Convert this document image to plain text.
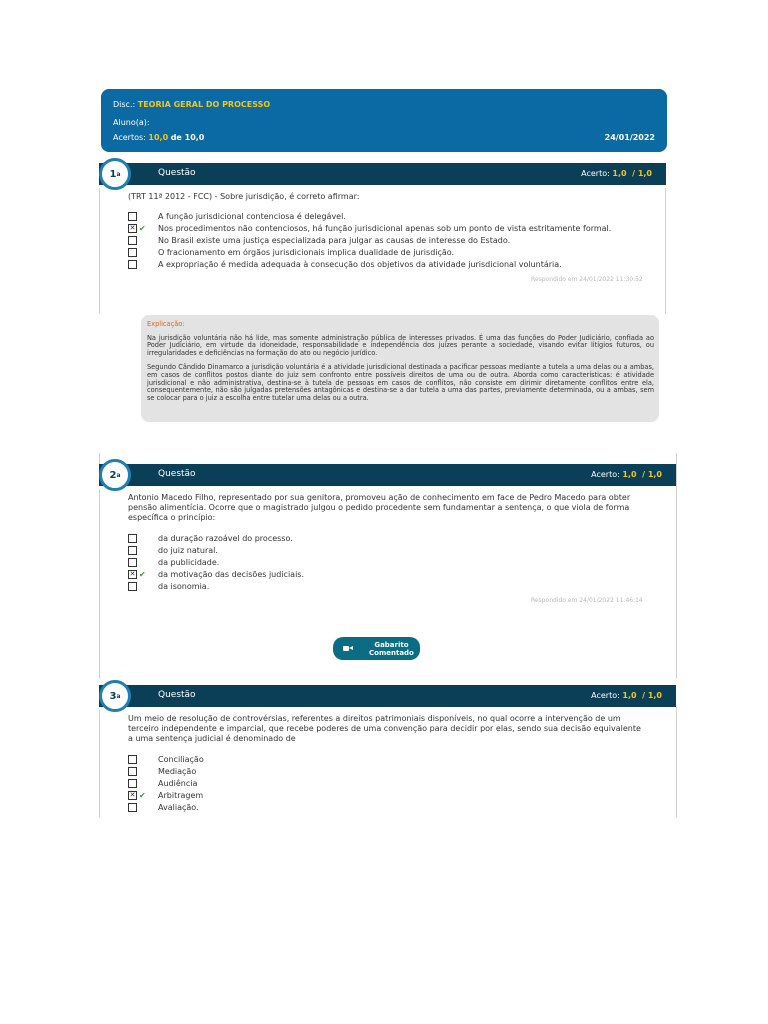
Disc.: TEORIA GERAL DO PROCESSO
Aluno(a):
Acertos: 10,0 de 10,0	24/01/2022
Questão	Acerto: 1,0  / 1,0
1 a
(TRT 11ª 2012 - FCC) - Sobre jurisdição, é correto afirmar:
A função jurisdicional contenciosa é delegável.
✕ ✔	Nos procedimentos não contenciosos, há função jurisdicional apenas sob um ponto de vista estritamente formal.
No Brasil existe uma justiça especializada para julgar as causas de interesse do Estado.
O fracionamento em órgãos jurisdicionais implica dualidade de jurisdição.
A expropriação é medida adequada à consecução dos objetivos da atividade jurisdicional voluntária.
Respondido em 24/01/2022 11:30:52
Explicação:

Na jurisdição voluntária não há lide, mas somente administração pública de interesses privados. É uma das funções do Poder Judiciário, confiada ao Poder Judiciário, em virtude da idoneidade, responsabilidade e independência dos juízes perante a sociedade, visando evitar litígios futuros, ou irregularidades e deficiências na formação do ato ou negócio jurídico.

Segundo Cândido Dinamarco a jurisdição voluntária é a atividade jurisdicional destinada a pacificar pessoas mediante a tutela a uma delas ou a ambas, em casos de conflitos postos diante do juiz sem confronto entre possíveis direitos de uma ou de outra. Aborda como características: é atividade jurisdicional e não administrativa, destina-se à tutela de pessoas em casos de conflitos, não consiste em dirimir diretamente conflitos entre ela, consequentemente, não são julgadas pretensões antagônicas e destina-se a dar tutela a uma das partes, previamente determinada, ou a ambas, sem se colocar para o juiz a escolha entre tutelar uma delas ou a outra.

Questão	Acerto: 1,0  / 1,0
2 a
Antonio Macedo Filho, representado por sua genitora, promoveu ação de conhecimento em face de Pedro Macedo para obter pensão alimentícia. Ocorre que o magistrado julgou o pedido procedente sem fundamentar a sentença, o que viola de forma específica o princípio:
da duração razoável do processo.
do juiz natural.
da publicidade.
✕ ✔	da motivação das decisões judiciais.
da isonomia.
Respondido em 24/01/2022 11:46:14
Gabarito
Comentado
Questão	Acerto: 1,0  / 1,0
3 a
Um meio de resolução de controvérsias, referentes a direitos patrimoniais disponíveis, no qual ocorre a intervenção de um terceiro independente e imparcial, que recebe poderes de uma convenção para decidir por elas, sendo sua decisão equivalente a uma sentença judicial é denominado de
Conciliação
Mediação
Audiência
✕ ✔	Arbitragem
Avaliação.
